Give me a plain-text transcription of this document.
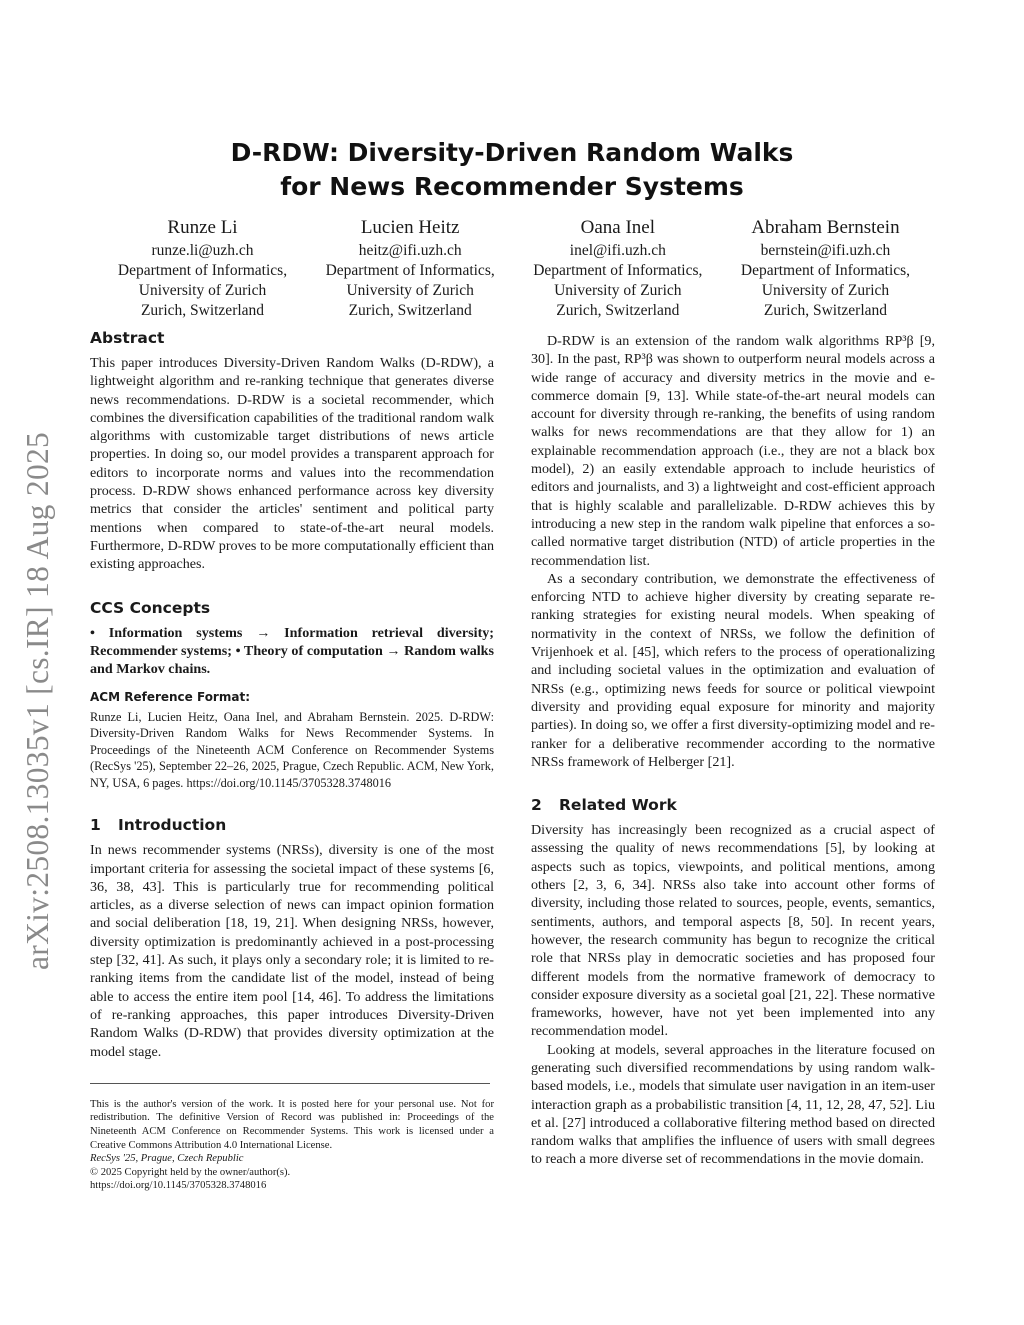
arXiv:2508.13035v1 [cs.IR] 18 Aug 2025
D-RDW: Diversity-Driven Random Walks
for News Recommender Systems
Runze Li
runze.li@uzh.ch
Department of Informatics,
University of Zurich
Zurich, Switzerland
Lucien Heitz
heitz@ifi.uzh.ch
Department of Informatics,
University of Zurich
Zurich, Switzerland
Oana Inel
inel@ifi.uzh.ch
Department of Informatics,
University of Zurich
Zurich, Switzerland
Abraham Bernstein
bernstein@ifi.uzh.ch
Department of Informatics,
University of Zurich
Zurich, Switzerland
Abstract

This paper introduces Diversity-Driven Random Walks (D-RDW), a lightweight algorithm and re-ranking technique that generates diverse news recommendations. D-RDW is a societal recommender, which combines the diversification capabilities of the traditional random walk algorithms with customizable target distributions of news article properties. In doing so, our model provides a transparent approach for editors to incorporate norms and values into the recommendation process. D-RDW shows enhanced performance across key diversity metrics that consider the articles' sentiment and political party mentions when compared to state-of-the-art neural models. Furthermore, D-RDW proves to be more computationally efficient than existing approaches.

CCS Concepts

• Information systems → Information retrieval diversity; Recommender systems; • Theory of computation → Random walks and Markov chains.

ACM Reference Format:
Runze Li, Lucien Heitz, Oana Inel, and Abraham Bernstein. 2025. D-RDW: Diversity-Driven Random Walks for News Recommender Systems. In Proceedings of the Nineteenth ACM Conference on Recommender Systems (RecSys '25), September 22–26, 2025, Prague, Czech Republic. ACM, New York, NY, USA, 6 pages. https://doi.org/10.1145/3705328.3748016
1 Introduction

In news recommender systems (NRSs), diversity is one of the most important criteria for assessing the societal impact of these systems [6, 36, 38, 43]. This is particularly true for recommending political articles, as a diverse selection of news can impact opinion formation and social deliberation [18, 19, 21]. When designing NRSs, however, diversity optimization is predominantly achieved in a post-processing step [32, 41]. As such, it plays only a secondary role; it is limited to re-ranking items from the candidate list of the model, instead of being able to access the entire item pool [14, 46]. To address the limitations of re-ranking approaches, this paper introduces Diversity-Driven Random Walks (D-RDW) that provides diversity optimization at the model stage.

This is the author's version of the work. It is posted here for your personal use. Not for redistribution. The definitive Version of Record was published in: Proceedings of the Nineteenth ACM Conference on Recommender Systems. This work is licensed under a Creative Commons Attribution 4.0 International License.
RecSys '25, Prague, Czech Republic
© 2025 Copyright held by the owner/author(s).
https://doi.org/10.1145/3705328.3748016

D-RDW is an extension of the random walk algorithms RP³β [9, 30]. In the past, RP³β was shown to outperform neural models across a wide range of accuracy and diversity metrics in the movie and e-commerce domain [9, 13]. While state-of-the-art neural models can account for diversity through re-ranking, the benefits of using random walks for news recommendations are that they allow for 1) an explainable recommendation approach (i.e., they are not a black box model), 2) an easily extendable approach to include heuristics of editors and journalists, and 3) a lightweight and cost-efficient approach that is highly scalable and parallelizable. D-RDW achieves this by introducing a new step in the random walk pipeline that enforces a so-called normative target distribution (NTD) of article properties in the recommendation list.

As a secondary contribution, we demonstrate the effectiveness of enforcing NTD to achieve higher diversity by creating separate re-ranking strategies for existing neural models. When speaking of normativity in the context of NRSs, we follow the definition of Vrijenhoek et al. [45], which refers to the process of operationalizing and including societal values in the optimization and evaluation of NRSs (e.g., optimizing news feeds for source or political viewpoint diversity and providing equal exposure for minority and majority parties). In doing so, we offer a first diversity-optimizing model and re-ranker for a deliberative recommender according to the normative NRSs framework of Helberger [21].

2 Related Work

Diversity has increasingly been recognized as a crucial aspect of assessing the quality of news recommendations [5], by looking at aspects such as topics, viewpoints, and political mentions, among others [2, 3, 6, 34]. NRSs also take into account other forms of diversity, including those related to sources, people, events, semantics, sentiments, authors, and temporal aspects [8, 50]. In recent years, however, the research community has begun to recognize the critical role that NRSs play in democratic societies and has proposed four different models from the normative framework of democracy to consider exposure diversity as a societal goal [21, 22]. These normative frameworks, however, have not yet been implemented into any recommendation model.

Looking at models, several approaches in the literature focused on generating such diversified recommendations by using random walk-based models, i.e., models that simulate user navigation in an item-user interaction graph as a probabilistic transition [4, 11, 12, 28, 47, 52]. Liu et al. [27] introduced a collaborative filtering method based on directed random walks that amplifies the influence of users with small degrees to reach a more diverse set of recommendations in the movie domain.
